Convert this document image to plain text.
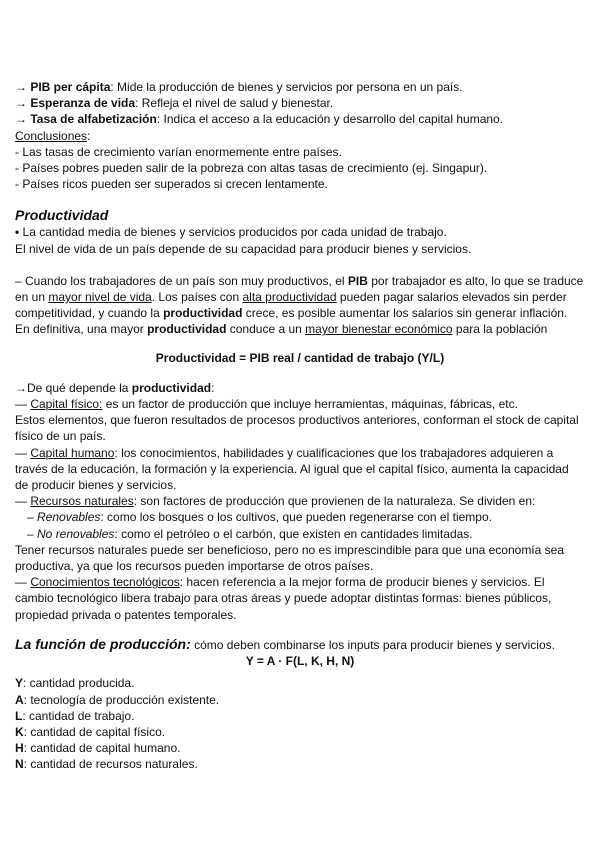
→ PIB per cápita: Mide la producción de bienes y servicios por persona en un país.
→ Esperanza de vida: Refleja el nivel de salud y bienestar.
→ Tasa de alfabetización: Indica el acceso a la educación y desarrollo del capital humano.
Conclusiones:
- Las tasas de crecimiento varían enormemente entre países.
- Países pobres pueden salir de la pobreza con altas tasas de crecimiento (ej. Singapur).
- Países ricos pueden ser superados si crecen lentamente.
Productividad
• La cantidad media de bienes y servicios producidos por cada unidad de trabajo.
El nivel de vida de un país depende de su capacidad para producir bienes y servicios.
– Cuando los trabajadores de un país son muy productivos, el PIB por trabajador es alto, lo que se traduce en un mayor nivel de vida. Los países con alta productividad pueden pagar salarios elevados sin perder competitividad, y cuando la productividad crece, es posible aumentar los salarios sin generar inflación.
En definitiva, una mayor productividad conduce a un mayor bienestar económico para la población
Productividad = PIB real / cantidad de trabajo (Y/L)
→De qué depende la productividad:
— Capital físico: es un factor de producción que incluye herramientas, máquinas, fábricas, etc.
Estos elementos, que fueron resultados de procesos productivos anteriores, conforman el stock de capital físico de un país.
— Capital humano: los conocimientos, habilidades y cualificaciones que los trabajadores adquieren a través de la educación, la formación y la experiencia. Al igual que el capital físico, aumenta la capacidad de producir bienes y servicios.
— Recursos naturales: son factores de producción que provienen de la naturaleza. Se dividen en:
– Renovables: como los bosques o los cultivos, que pueden regenerarse con el tiempo.
– No renovables: como el petróleo o el carbón, que existen en cantidades limitadas.
Tener recursos naturales puede ser beneficioso, pero no es imprescindible para que una economía sea productiva, ya que los recursos pueden importarse de otros países.
— Conocimientos tecnológicos: hacen referencia a la mejor forma de producir bienes y servicios. El cambio tecnológico libera trabajo para otras áreas y puede adoptar distintas formas: bienes públicos, propiedad privada o patentes temporales.
La función de producción: cómo deben combinarse los inputs para producir bienes y servicios.
Y = A · F(L, K, H, N)
Y: cantidad producida.
A: tecnología de producción existente.
L: cantidad de trabajo.
K: cantidad de capital físico.
H: cantidad de capital humano.
N: cantidad de recursos naturales.
